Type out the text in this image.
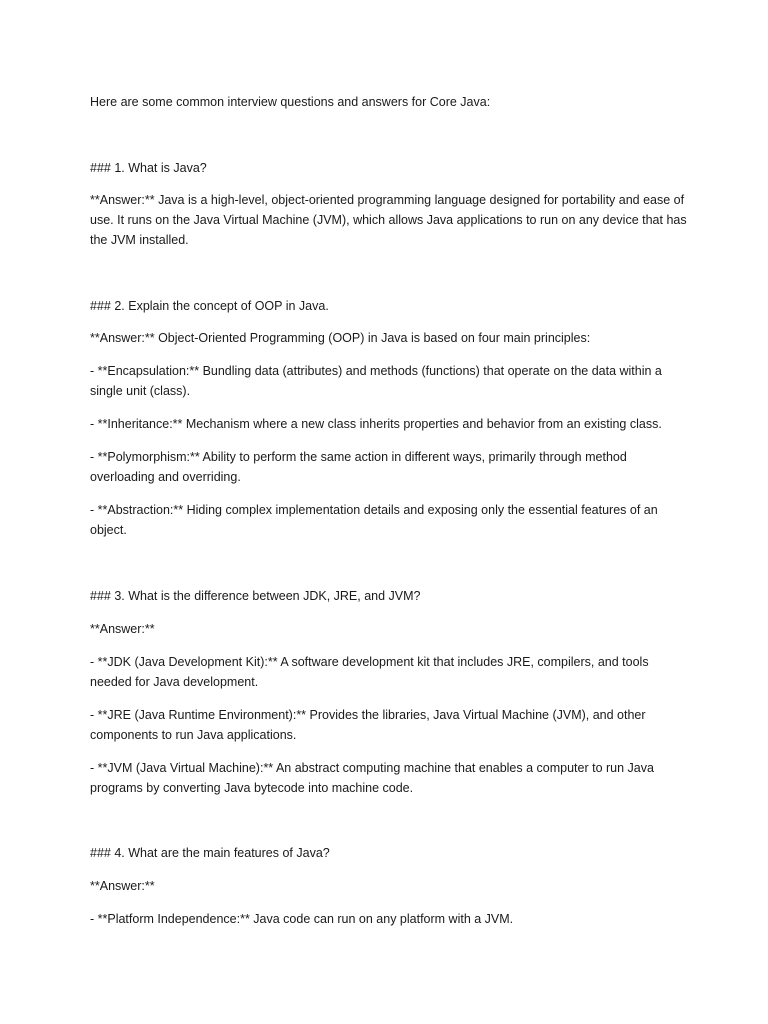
Here are some common interview questions and answers for Core Java:

### 1. What is Java?

**Answer:** Java is a high-level, object-oriented programming language designed for portability and ease of use. It runs on the Java Virtual Machine (JVM), which allows Java applications to run on any device that has the JVM installed.

### 2. Explain the concept of OOP in Java.

**Answer:** Object-Oriented Programming (OOP) in Java is based on four main principles:

- **Encapsulation:** Bundling data (attributes) and methods (functions) that operate on the data within a single unit (class).

- **Inheritance:** Mechanism where a new class inherits properties and behavior from an existing class.

- **Polymorphism:** Ability to perform the same action in different ways, primarily through method overloading and overriding.

- **Abstraction:** Hiding complex implementation details and exposing only the essential features of an object.

### 3. What is the difference between JDK, JRE, and JVM?

**Answer:**

- **JDK (Java Development Kit):** A software development kit that includes JRE, compilers, and tools needed for Java development.

- **JRE (Java Runtime Environment):** Provides the libraries, Java Virtual Machine (JVM), and other components to run Java applications.

- **JVM (Java Virtual Machine):** An abstract computing machine that enables a computer to run Java programs by converting Java bytecode into machine code.

### 4. What are the main features of Java?

**Answer:**

- **Platform Independence:** Java code can run on any platform with a JVM.
